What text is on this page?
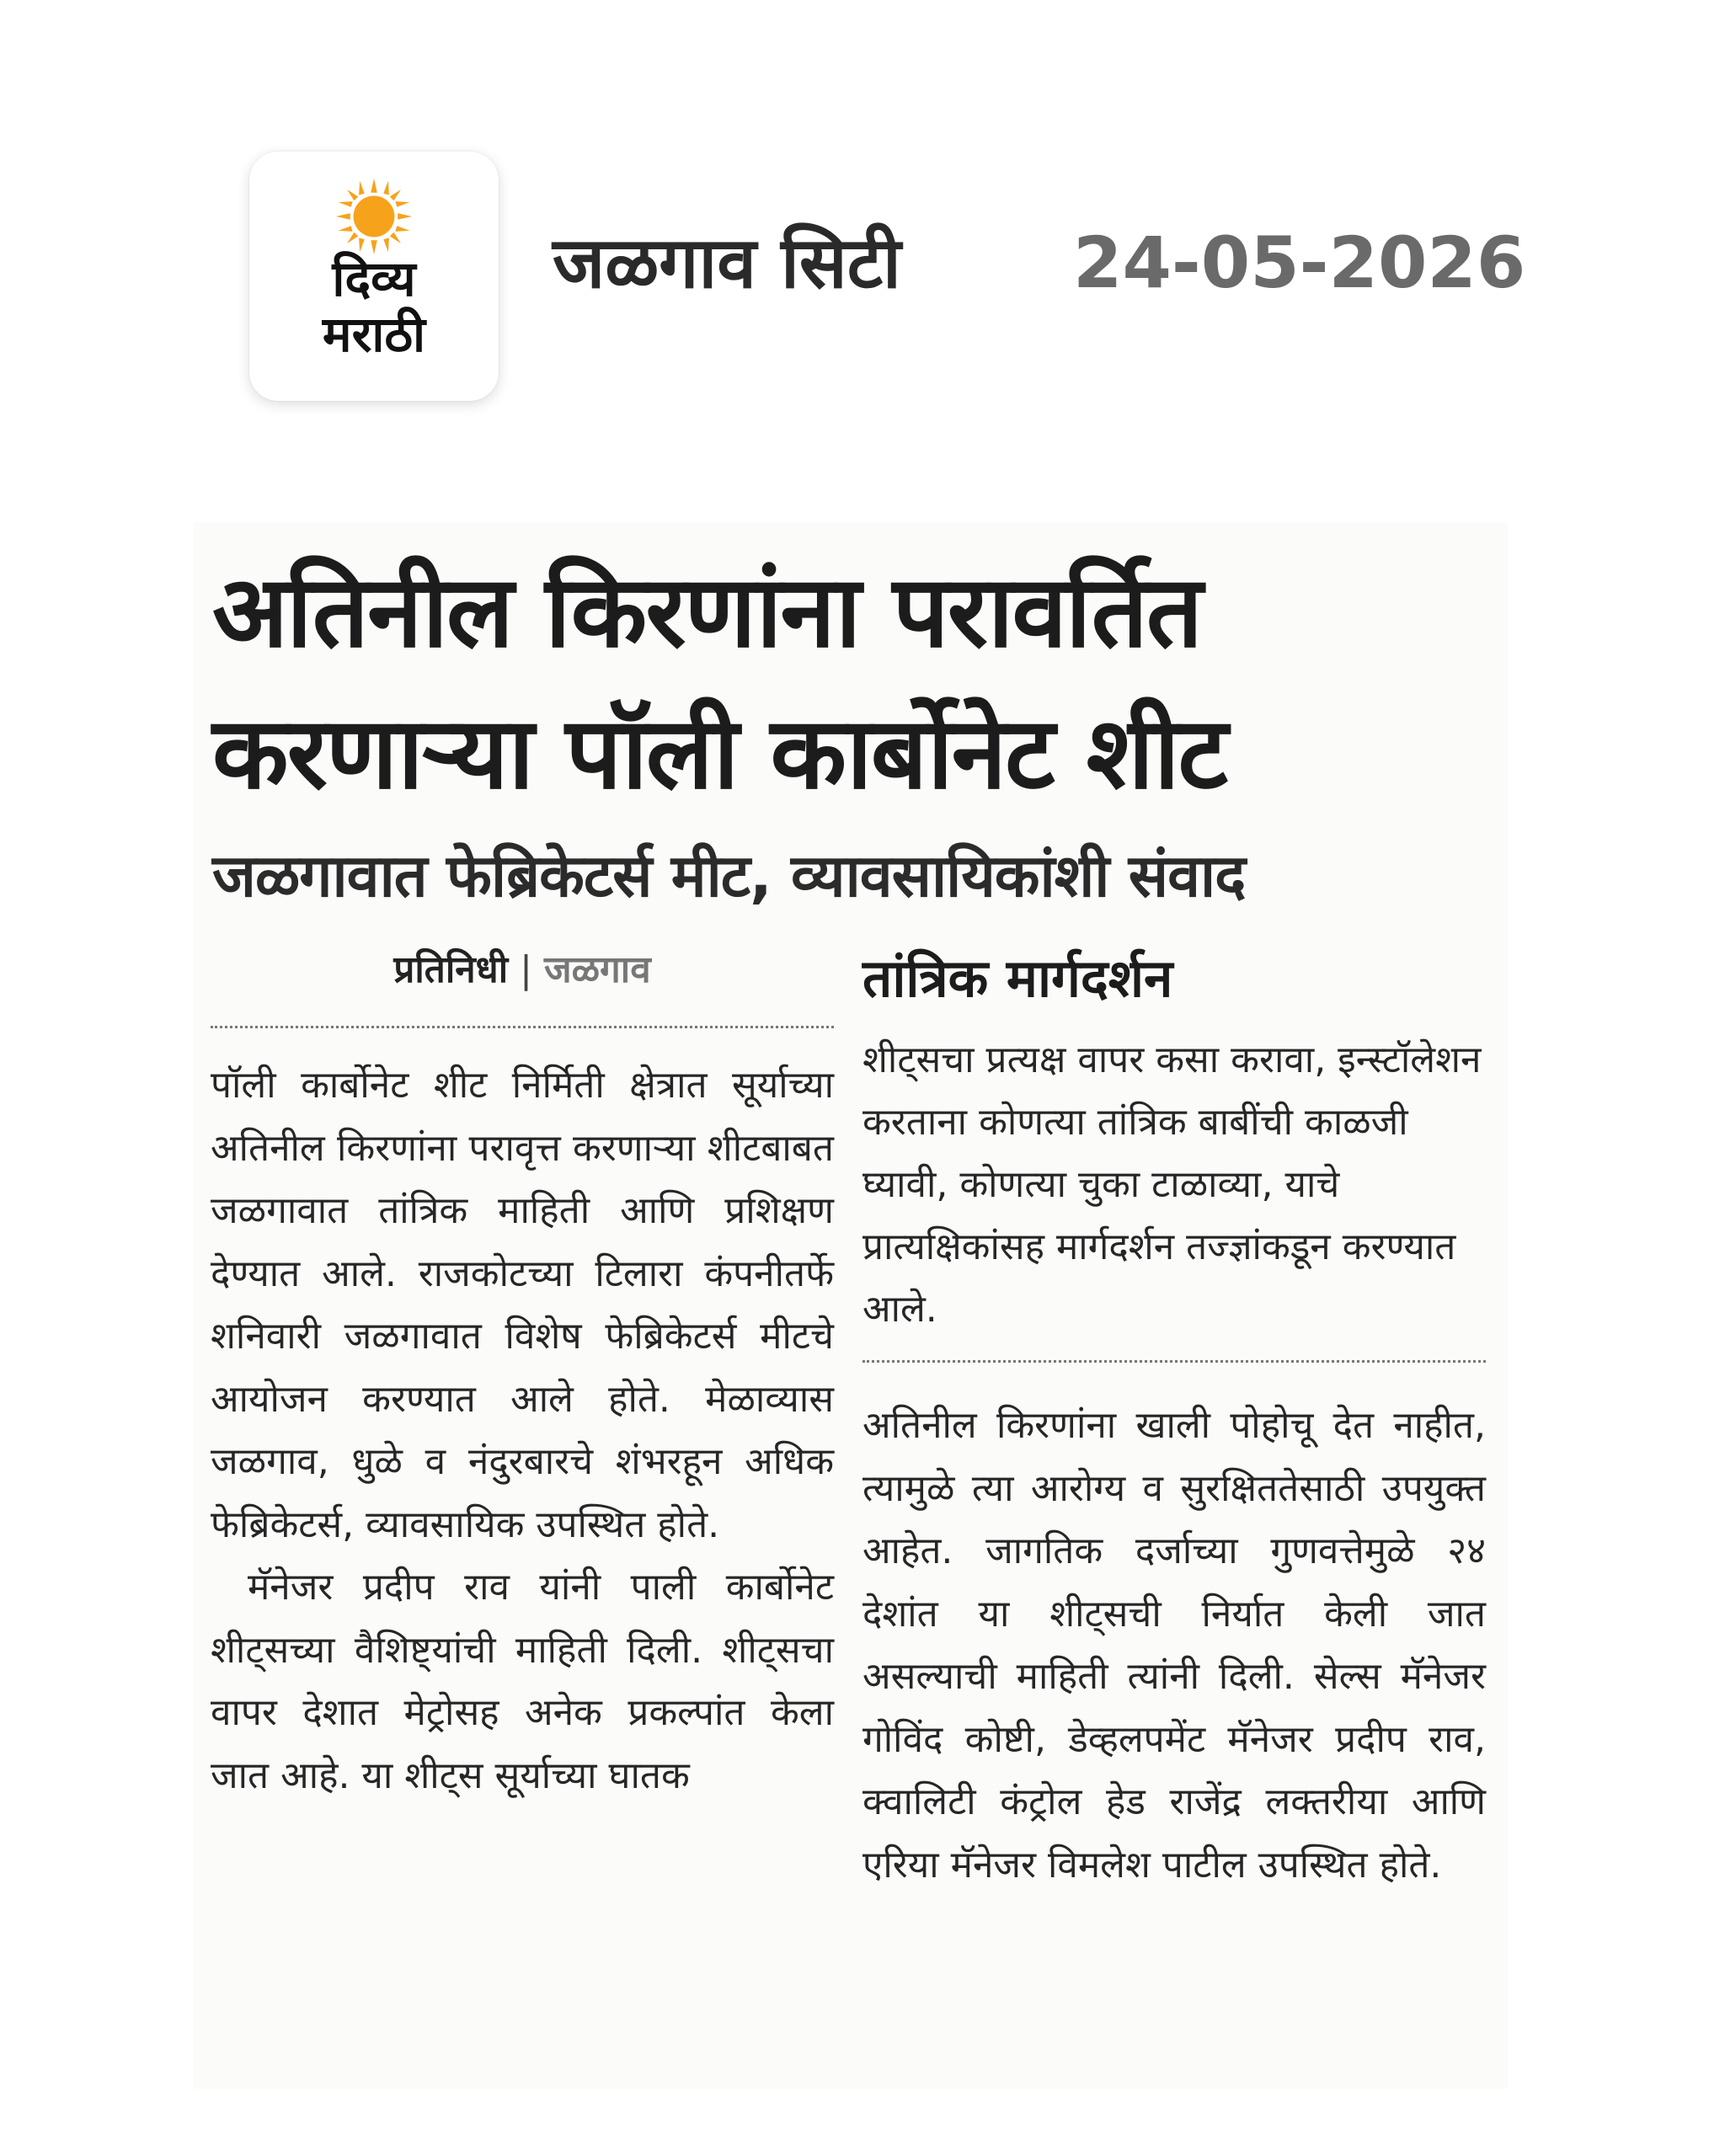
दिव्य
मराठी
जळगाव सिटी 24-05-2026
अतिनील किरणांना परावर्तित करणाऱ्या पॉली कार्बोनेट शीट
जळगावात फेब्रिकेटर्स मीट, व्यावसायिकांशी संवाद
प्रतिनिधी | जळगाव

पॉली कार्बोनेट शीट निर्मिती क्षेत्रात सूर्याच्या अतिनील किरणांना परावृत्त करणाऱ्या शीटबाबत जळगावात तांत्रिक माहिती आणि प्रशिक्षण देण्यात आले. राजकोटच्या टिलारा कंपनीतर्फे शनिवारी जळगावात विशेष फेब्रिकेटर्स मीटचे आयोजन करण्यात आले होते. मेळाव्यास जळगाव, धुळे व नंदुरबारचे शंभरहून अधिक फेब्रिकेटर्स, व्यावसायिक उपस्थित होते.

मॅनेजर प्रदीप राव यांनी पाली कार्बोनेट शीट्सच्या वैशिष्ट्यांची माहिती दिली. शीट्सचा वापर देशात मेट्रोसह अनेक प्रकल्पांत केला जात आहे. या शीट्स सूर्याच्या घातक

तांत्रिक मार्गदर्शन

शीट्सचा प्रत्यक्ष वापर कसा करावा, इन्स्टॉलेशन करताना कोणत्या तांत्रिक बाबींची काळजी घ्यावी, कोणत्या चुका टाळाव्या, याचे प्रात्यक्षिकांसह मार्गदर्शन तज्ज्ञांकडून करण्यात आले.

अतिनील किरणांना खाली पोहोचू देत नाहीत, त्यामुळे त्या आरोग्य व सुरक्षिततेसाठी उपयुक्त आहेत. जागतिक दर्जाच्या गुणवत्तेमुळे २४ देशांत या शीट्सची निर्यात केली जात असल्याची माहिती त्यांनी दिली. सेल्स मॅनेजर गोविंद कोष्टी, डेव्हलपमेंट मॅनेजर प्रदीप राव, क्वालिटी कंट्रोल हेड राजेंद्र लक्तरीया आणि एरिया मॅनेजर विमलेश पाटील उपस्थित होते.
